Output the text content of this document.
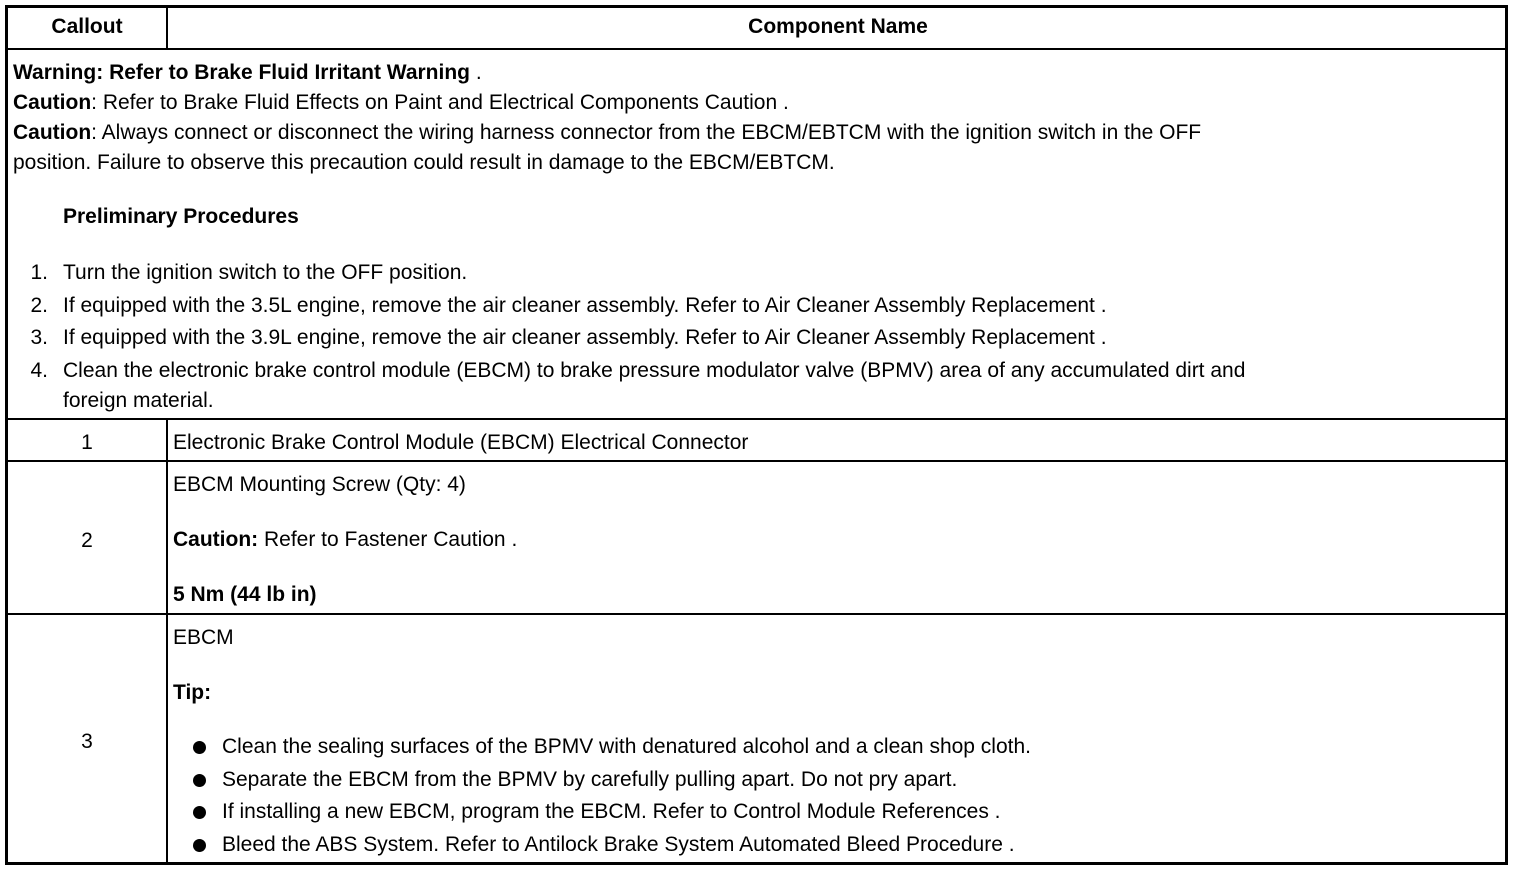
Callout	Component Name
Warning: Refer to Brake Fluid Irritant Warning .
Caution: Refer to Brake Fluid Effects on Paint and Electrical Components Caution .
Caution: Always connect or disconnect the wiring harness connector from the EBCM/EBTCM with the ignition switch in the OFF
position. Failure to observe this precaution could result in damage to the EBCM/EBTCM.
Preliminary Procedures
1. Turn the ignition switch to the OFF position.
2. If equipped with the 3.5L engine, remove the air cleaner assembly. Refer to Air Cleaner Assembly Replacement .
3. If equipped with the 3.9L engine, remove the air cleaner assembly. Refer to Air Cleaner Assembly Replacement .
4. Clean the electronic brake control module (EBCM) to brake pressure modulator valve (BPMV) area of any accumulated dirt and
foreign material.
1	Electronic Brake Control Module (EBCM) Electrical Connector
2
EBCM Mounting Screw (Qty: 4)
Caution: Refer to Fastener Caution .
5 Nm (44 lb in)
3
EBCM
Tip:
Clean the sealing surfaces of the BPMV with denatured alcohol and a clean shop cloth.
Separate the EBCM from the BPMV by carefully pulling apart. Do not pry apart.
If installing a new EBCM, program the EBCM. Refer to Control Module References .
Bleed the ABS System. Refer to Antilock Brake System Automated Bleed Procedure .
